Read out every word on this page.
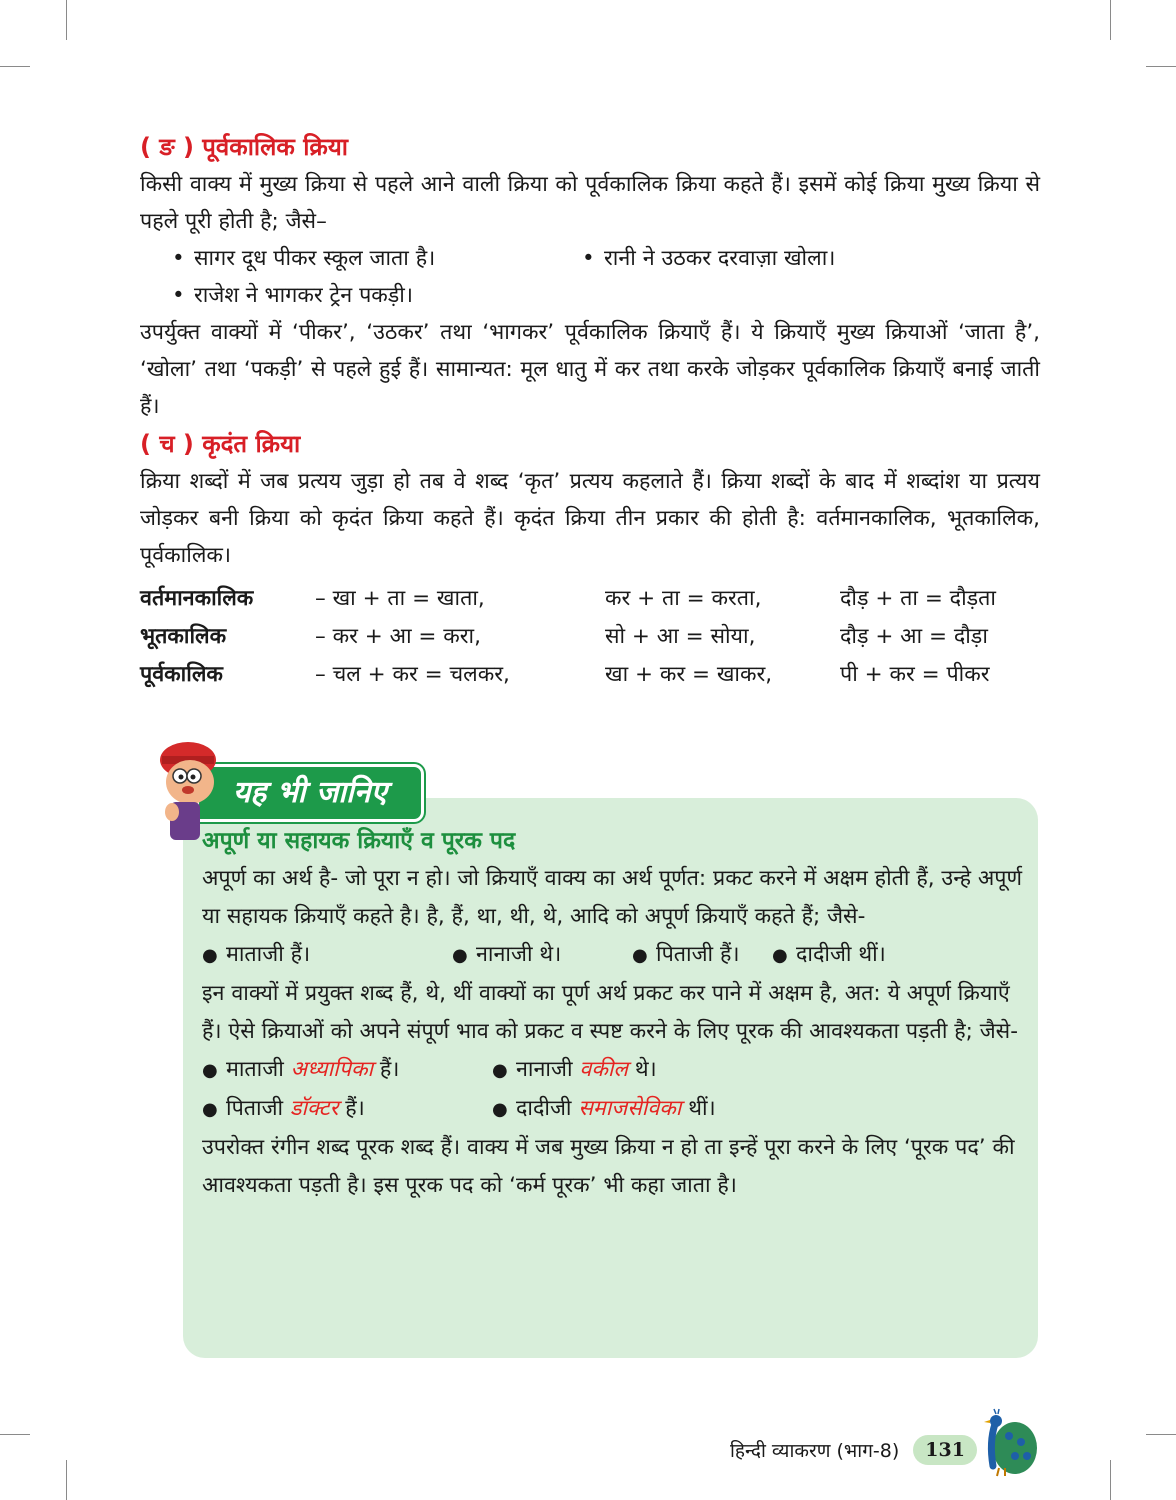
( ङ ) पूर्वकालिक क्रिया

किसी वाक्य में मुख्य क्रिया से पहले आने वाली क्रिया को पूर्वकालिक क्रिया कहते हैं। इसमें कोई क्रिया मुख्य क्रिया से पहले पूरी होती है; जैसे–

• सागर दूध पीकर स्कूल जाता है।	• रानी ने उठकर दरवाज़ा खोला।
• राजेश ने भागकर ट्रेन पकड़ी।

उपर्युक्त वाक्यों में ‘पीकर’, ‘उठकर’ तथा ‘भागकर’ पूर्वकालिक क्रियाएँ हैं। ये क्रियाएँ मुख्य क्रियाओं ‘जाता है’, ‘खोला’ तथा ‘पकड़ी’ से पहले हुई हैं। सामान्यत: मूल धातु में कर तथा करके जोड़कर पूर्वकालिक क्रियाएँ बनाई जाती हैं।

( च ) कृदंत क्रिया

क्रिया शब्दों में जब प्रत्यय जुड़ा हो तब वे शब्द ‘कृत’ प्रत्यय कहलाते हैं। क्रिया शब्दों के बाद में शब्दांश या प्रत्यय जोड़कर बनी क्रिया को कृदंत क्रिया कहते हैं। कृदंत क्रिया तीन प्रकार की होती है: वर्तमानकालिक, भूतकालिक, पूर्वकालिक।

वर्तमानकालिक	– खा + ता = खाता,	कर + ता = करता,	दौड़ + ता = दौड़ता
भूतकालिक	– कर + आ = करा,	सो + आ = सोया,	दौड़ + आ = दौड़ा
पूर्वकालिक	– चल + कर = चलकर,	खा + कर = खाकर,	पी + कर = पीकर
यह भी जानिए
अपूर्ण या सहायक क्रियाएँ व पूरक पद

अपूर्ण का अर्थ है- जो पूरा न हो। जो क्रियाएँ वाक्य का अर्थ पूर्णत: प्रकट करने में अक्षम होती हैं, उन्हे अपूर्ण या सहायक क्रियाएँ कहते है। है, हैं, था, थी, थे, आदि को अपूर्ण क्रियाएँ कहते हैं; जैसे-

● माताजी हैं।	● नानाजी थे।	● पिताजी हैं।	● दादीजी थीं।

इन वाक्यों में प्रयुक्त शब्द हैं, थे, थीं वाक्यों का पूर्ण अर्थ प्रकट कर पाने में अक्षम है, अत: ये अपूर्ण क्रियाएँ हैं। ऐसे क्रियाओं को अपने संपूर्ण भाव को प्रकट व स्पष्ट करने के लिए पूरक की आवश्यकता पड़ती है; जैसे-

● माताजी अध्यापिका हैं।	● नानाजी वकील थे।
● पिताजी डॉक्टर हैं।	● दादीजी समाजसेविका थीं।

उपरोक्त रंगीन शब्द पूरक शब्द हैं। वाक्य में जब मुख्य क्रिया न हो ता इन्हें पूरा करने के लिए ‘पूरक पद’ की आवश्यकता पड़ती है। इस पूरक पद को ‘कर्म पूरक’ भी कहा जाता है।

हिन्दी व्याकरण (भाग-8)	131
